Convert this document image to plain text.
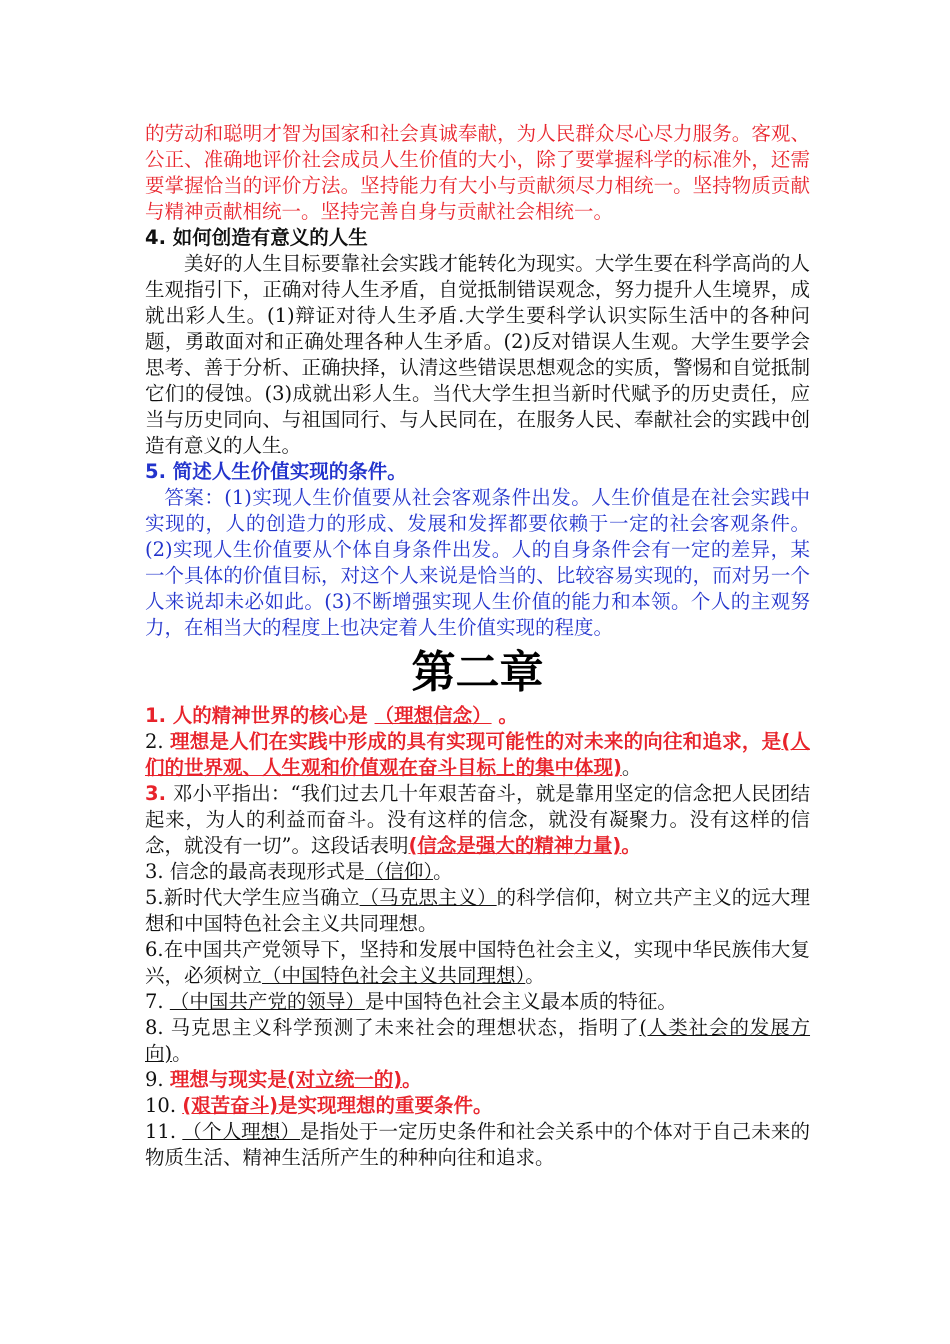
的劳动和聪明才智为国家和社会真诚奉献，为人民群众尽心尽力服务。客观、公正、准确地评价社会成员人生价值的大小，除了要掌握科学的标准外，还需要掌握恰当的评价方法。坚持能力有大小与贡献须尽力相统一。坚持物质贡献与精神贡献相统一。坚持完善自身与贡献社会相统一。

4. 如何创造有意义的人生

美好的人生目标要靠社会实践才能转化为现实。大学生要在科学高尚的人生观指引下，正确对待人生矛盾，自觉抵制错误观念，努力提升人生境界，成就出彩人生。(1)辩证对待人生矛盾.大学生要科学认识实际生活中的各种问题，勇敢面对和正确处理各种人生矛盾。(2)反对错误人生观。大学生要学会思考、善于分析、正确抉择，认清这些错误思想观念的实质，警惕和自觉抵制它们的侵蚀。(3)成就出彩人生。当代大学生担当新时代赋予的历史责任，应当与历史同向、与祖国同行、与人民同在，在服务人民、奉献社会的实践中创造有意义的人生。

5. 简述人生价值实现的条件。

答案：(1)实现人生价值要从社会客观条件出发。人生价值是在社会实践中实现的，人的创造力的形成、发展和发挥都要依赖于一定的社会客观条件。(2)实现人生价值要从个体自身条件出发。人的自身条件会有一定的差异，某一个具体的价值目标，对这个人来说是恰当的、比较容易实现的，而对另一个人来说却未必如此。(3)不断增强实现人生价值的能力和本领。个人的主观努力，在相当大的程度上也决定着人生价值实现的程度。

第二章

1. 人的精神世界的核心是 （理想信念） 。

2. 理想是人们在实践中形成的具有实现可能性的对未来的向往和追求，是(人们的世界观、人生观和价值观在奋斗目标上的集中体现)。

3. 邓小平指出：“我们过去几十年艰苦奋斗，就是靠用坚定的信念把人民团结起来，为人的利益而奋斗。没有这样的信念，就没有凝聚力。没有这样的信念，就没有一切”。这段话表明(信念是强大的精神力量)。

3. 信念的最高表现形式是（信仰）。

5.新时代大学生应当确立（马克思主义）的科学信仰，树立共产主义的远大理想和中国特色社会主义共同理想。

6.在中国共产党领导下，坚持和发展中国特色社会主义，实现中华民族伟大复兴，必须树立（中国特色社会主义共同理想）。

7. （中国共产党的领导）是中国特色社会主义最本质的特征。

8. 马克思主义科学预测了未来社会的理想状态，指明了(人类社会的发展方向)。

9. 理想与现实是(对立统一的)。

10. (艰苦奋斗)是实现理想的重要条件。

11. （个人理想）是指处于一定历史条件和社会关系中的个体对于自己未来的物质生活、精神生活所产生的种种向往和追求。
